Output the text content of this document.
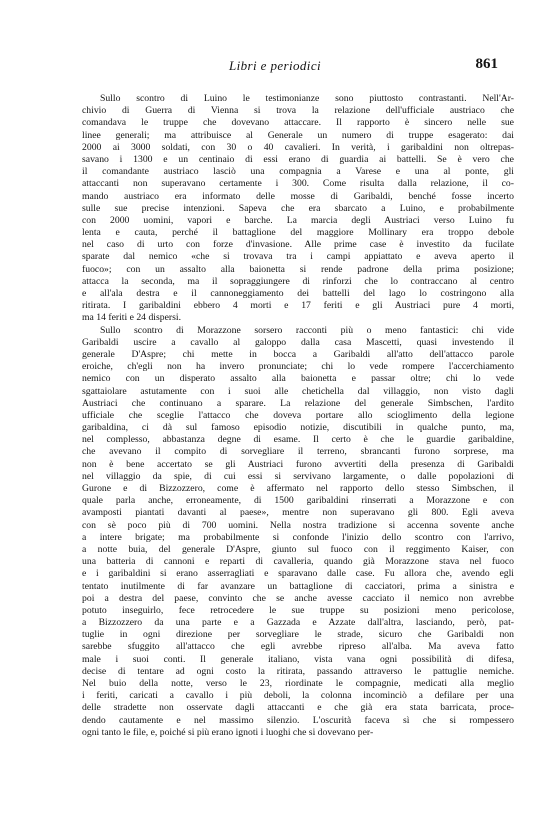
Libri e periodici	861
Sullo scontro di Luino le testimonianze sono piuttosto contrastanti. Nell'Ar-
chivio di Guerra di Vienna si trova la relazione dell'ufficiale austriaco che
comandava le truppe che dovevano attaccare. Il rapporto è sincero nelle sue
linee generali; ma attribuisce al Generale un numero di truppe esagerato: dai
2000 ai 3000 soldati, con 30 o 40 cavalieri. In verità, i garibaldini non oltrepas-
savano i 1300 e un centinaio di essi erano di guardia ai battelli. Se è vero che
il comandante austriaco lasciò una compagnia a Varese e una al ponte, gli
attaccanti non superavano certamente i 300. Come risulta dalla relazione, il co-
mando austriaco era informato delle mosse di Garibaldi, benché fosse incerto
sulle sue precise intenzioni. Sapeva che era sbarcato a Luino, e probabilmente
con 2000 uomini, vapori e barche. La marcia degli Austriaci verso Luino fu
lenta e cauta, perché il battaglione del maggiore Mollinary era troppo debole
nel caso di urto con forze d'invasione. Alle prime case è investito da fucilate
sparate dal nemico «che si trovava tra i campi appiattato e aveva aperto il
fuoco»; con un assalto alla baionetta si rende padrone della prima posizione;
attacca la seconda, ma il sopraggiungere di rinforzi che lo contraccano al centro
e all'ala destra e il cannoneggiamento dei battelli del lago lo costringono alla
ritirata. I garibaldini ebbero 4 morti e 17 feriti e gli Austriaci pure 4 morti,
ma 14 feriti e 24 dispersi.
Sullo scontro di Morazzone sorsero racconti più o meno fantastici: chi vide
Garibaldi uscire a cavallo al galoppo dalla casa Mascetti, quasi investendo il
generale D'Aspre; chi mette in bocca a Garibaldi all'atto dell'attacco parole
eroiche, ch'egli non ha invero pronunciate; chi lo vede rompere l'accerchiamento
nemico con un disperato assalto alla baionetta e passar oltre; chi lo vede
sgattaiolare astutamente con i suoi alle chetichella dal villaggio, non visto dagli
Austriaci che continuano a sparare. La relazione del generale Simbschen, l'ardito
ufficiale che sceglie l'attacco che doveva portare allo scioglimento della legione
garibaldina, ci dà sul famoso episodio notizie, discutibili in qualche punto, ma,
nel complesso, abbastanza degne di esame. Il certo è che le guardie garibaldine,
che avevano il compito di sorvegliare il terreno, sbrancanti furono sorprese, ma
non è bene accertato se gli Austriaci furono avvertiti della presenza di Garibaldi
nel villaggio da spie, di cui essi si servivano largamente, o dalle popolazioni di
Gurone e di Bizzozzero, come è affermato nel rapporto dello stesso Simbschen, il
quale parla anche, erroneamente, di 1500 garibaldini rinserrati a Morazzone e con
avamposti piantati davanti al paese», mentre non superavano gli 800. Egli aveva
con sè poco più di 700 uomini. Nella nostra tradizione si accenna sovente anche
a intere brigate; ma probabilmente si confonde l'inizio dello scontro con l'arrivo,
a notte buia, del generale D'Aspre, giunto sul fuoco con il reggimento Kaiser, con
una batteria di cannoni e reparti di cavalleria, quando già Morazzone stava nel fuoco
e i garibaldini si erano asserragliati e sparavano dalle case. Fu allora che, avendo egli
tentato inutilmente di far avanzare un battaglione di cacciatori, prima a sinistra e
poi a destra del paese, convinto che se anche avesse cacciato il nemico non avrebbe
potuto inseguirlo, fece retrocedere le sue truppe su posizioni meno pericolose,
a Bizzozzero da una parte e a Gazzada e Azzate dall'altra, lasciando, però, pat-
tuglie in ogni direzione per sorvegliare le strade, sicuro che Garibaldi non
sarebbe sfuggito all'attacco che egli avrebbe ripreso all'alba. Ma aveva fatto
male i suoi conti. Il generale italiano, vista vana ogni possibilità di difesa,
decise di tentare ad ogni costo la ritirata, passando attraverso le pattuglie nemiche.
Nel buio della notte, verso le 23, riordinate le compagnie, medicati alla meglio
i feriti, caricati a cavallo i più deboli, la colonna incominciò a defilare per una
delle stradette non osservate dagli attaccanti e che già era stata barricata, proce-
dendo cautamente e nel massimo silenzio. L'oscurità faceva sì che si rompessero
ogni tanto le file, e, poiché si più erano ignoti i luoghi che si dovevano per-
